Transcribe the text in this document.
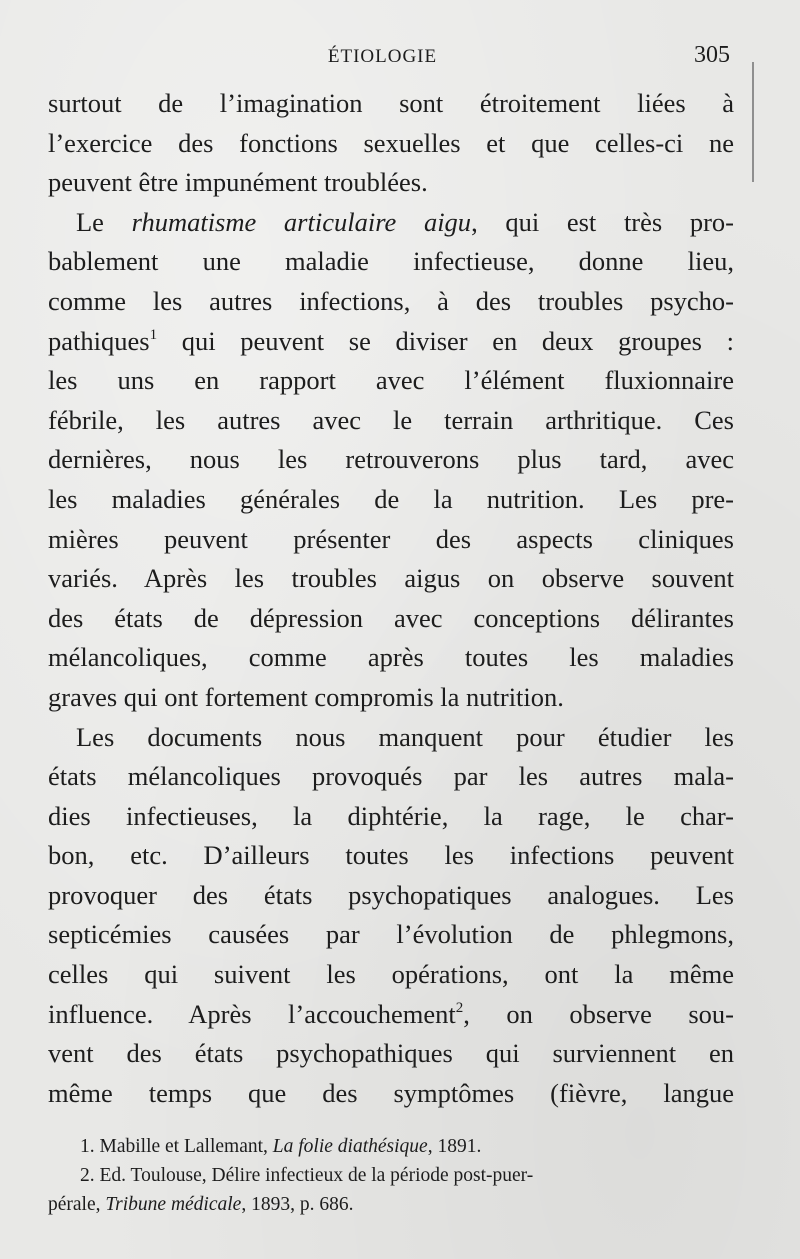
ÉTIOLOGIE	305
surtout de l’imagination sont étroitement liées à
l’exercice des fonctions sexuelles et que celles-ci ne
peuvent être impunément troublées.
Le rhumatisme articulaire aigu, qui est très pro-
bablement une maladie infectieuse, donne lieu,
comme les autres infections, à des troubles psycho-
pathiques$^1$ qui peuvent se diviser en deux groupes :
les uns en rapport avec l’élément fluxionnaire
fébrile, les autres avec le terrain arthritique. Ces
dernières, nous les retrouverons plus tard, avec
les maladies générales de la nutrition. Les pre-
mières peuvent présenter des aspects cliniques
variés. Après les troubles aigus on observe souvent
des états de dépression avec conceptions délirantes
mélancoliques, comme après toutes les maladies
graves qui ont fortement compromis la nutrition.
Les documents nous manquent pour étudier les
états mélancoliques provoqués par les autres mala-
dies infectieuses, la diphtérie, la rage, le char-
bon, etc. D’ailleurs toutes les infections peuvent
provoquer des états psychopatiques analogues. Les
septicémies causées par l’évolution de phlegmons,
celles qui suivent les opérations, ont la même
influence. Après l’accouchement$^2$, on observe sou-
vent des états psychopathiques qui surviennent en
même temps que des symptômes (fièvre, langue
1. Mabille et Lallemant, La folie diathésique, 1891.
2. Ed. Toulouse, Délire infectieux de la période post-puer-
pérale, Tribune médicale, 1893, p. 686.
